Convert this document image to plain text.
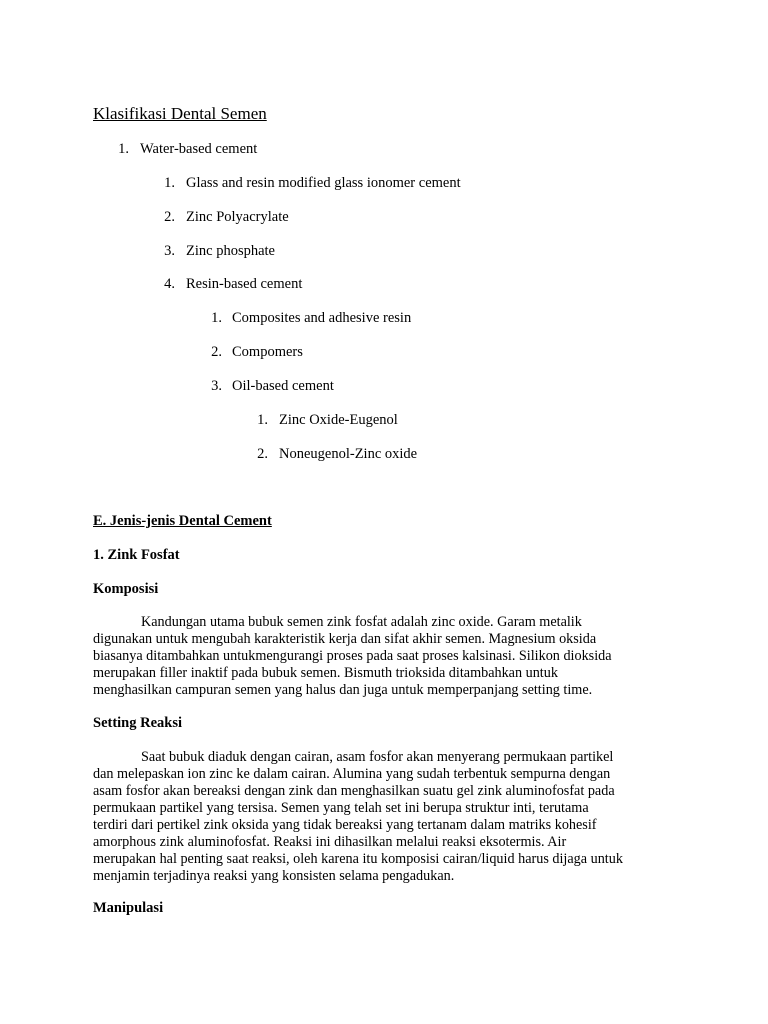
Klasifikasi Dental Semen
1. Water-based cement
1. Glass and resin modified glass ionomer cement
2. Zinc Polyacrylate
3. Zinc phosphate
4. Resin-based cement
1. Composites and adhesive resin
2. Compomers
3. Oil-based cement
1. Zinc Oxide-Eugenol
2. Noneugenol-Zinc oxide
E. Jenis-jenis Dental Cement
1. Zink Fosfat
Komposisi
Kandungan utama bubuk semen zink fosfat adalah zinc oxide. Garam metalik
digunakan untuk mengubah karakteristik kerja dan sifat akhir semen. Magnesium oksida
biasanya ditambahkan untukmengurangi proses pada saat proses kalsinasi. Silikon dioksida
merupakan filler inaktif pada bubuk semen. Bismuth trioksida ditambahkan untuk
menghasilkan campuran semen yang halus dan juga untuk memperpanjang setting time.
Setting Reaksi
Saat bubuk diaduk dengan cairan, asam fosfor akan menyerang permukaan partikel
dan melepaskan ion zinc ke dalam cairan. Alumina yang sudah terbentuk sempurna dengan
asam fosfor akan bereaksi dengan zink dan menghasilkan suatu gel zink aluminofosfat pada
permukaan partikel yang tersisa. Semen yang telah set ini berupa struktur inti, terutama
terdiri dari pertikel zink oksida yang tidak bereaksi yang tertanam dalam matriks kohesif
amorphous zink aluminofosfat. Reaksi ini dihasilkan melalui reaksi eksotermis. Air
merupakan hal penting saat reaksi, oleh karena itu komposisi cairan/liquid harus dijaga untuk
menjamin terjadinya reaksi yang konsisten selama pengadukan.
Manipulasi
